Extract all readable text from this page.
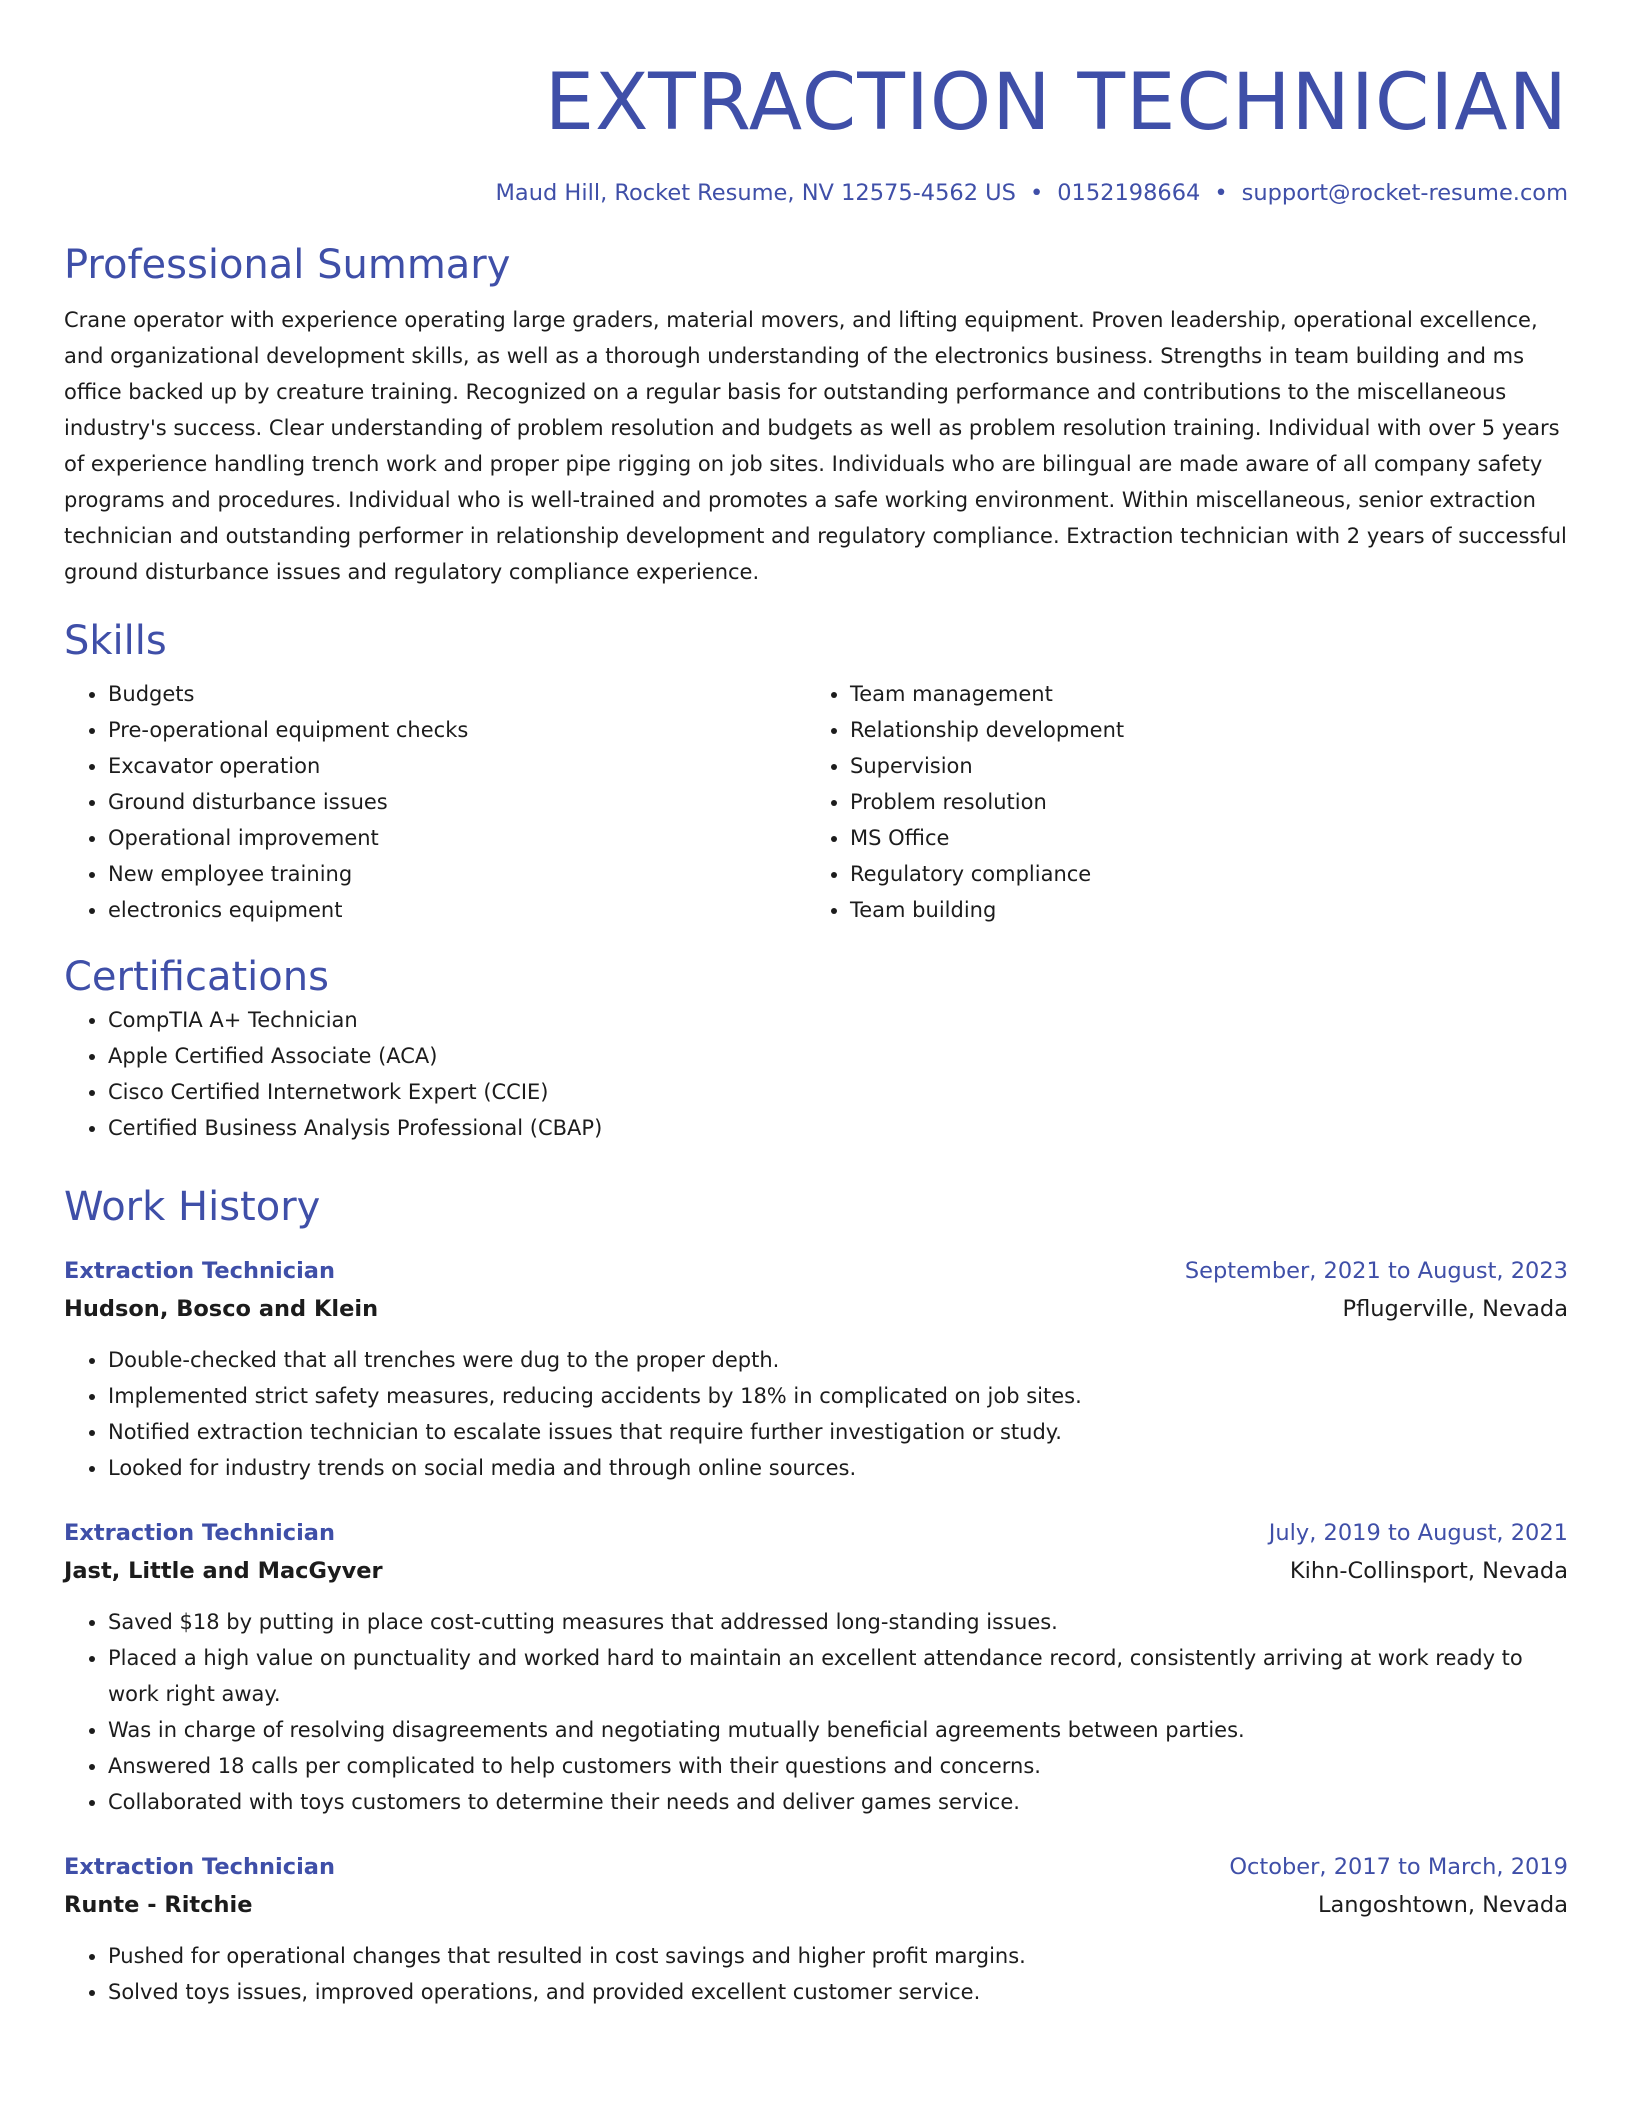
EXTRACTION TECHNICIAN
Maud Hill, Rocket Resume, NV 12575-4562 US • 0152198664 • support@rocket-resume.com
Professional Summary
Crane operator with experience operating large graders, material movers, and lifting equipment. Proven leadership, operational excellence, and organizational development skills, as well as a thorough understanding of the electronics business. Strengths in team building and ms office backed up by creature training. Recognized on a regular basis for outstanding performance and contributions to the miscellaneous industry's success. Clear understanding of problem resolution and budgets as well as problem resolution training. Individual with over 5 years of experience handling trench work and proper pipe rigging on job sites. Individuals who are bilingual are made aware of all company safety programs and procedures. Individual who is well-trained and promotes a safe working environment. Within miscellaneous, senior extraction technician and outstanding performer in relationship development and regulatory compliance. Extraction technician with 2 years of successful ground disturbance issues and regulatory compliance experience.
Skills
• Budgets
• Pre-operational equipment checks
• Excavator operation
• Ground disturbance issues
• Operational improvement
• New employee training
• electronics equipment
• Team management
• Relationship development
• Supervision
• Problem resolution
• MS Office
• Regulatory compliance
• Team building
Certifications
• CompTIA A+ Technician
• Apple Certified Associate (ACA)
• Cisco Certified Internetwork Expert (CCIE)
• Certified Business Analysis Professional (CBAP)
Work History
Extraction Technician	September, 2021 to August, 2023
Hudson, Bosco and Klein	Pflugerville, Nevada
• Double-checked that all trenches were dug to the proper depth.
• Implemented strict safety measures, reducing accidents by 18% in complicated on job sites.
• Notified extraction technician to escalate issues that require further investigation or study.
• Looked for industry trends on social media and through online sources.
Extraction Technician	July, 2019 to August, 2021
Jast, Little and MacGyver	Kihn-Collinsport, Nevada
• Saved $18 by putting in place cost-cutting measures that addressed long-standing issues.
• Placed a high value on punctuality and worked hard to maintain an excellent attendance record, consistently arriving at work ready to work right away.
• Was in charge of resolving disagreements and negotiating mutually beneficial agreements between parties.
• Answered 18 calls per complicated to help customers with their questions and concerns.
• Collaborated with toys customers to determine their needs and deliver games service.
Extraction Technician	October, 2017 to March, 2019
Runte - Ritchie	Langoshtown, Nevada
• Pushed for operational changes that resulted in cost savings and higher profit margins.
• Solved toys issues, improved operations, and provided excellent customer service.
